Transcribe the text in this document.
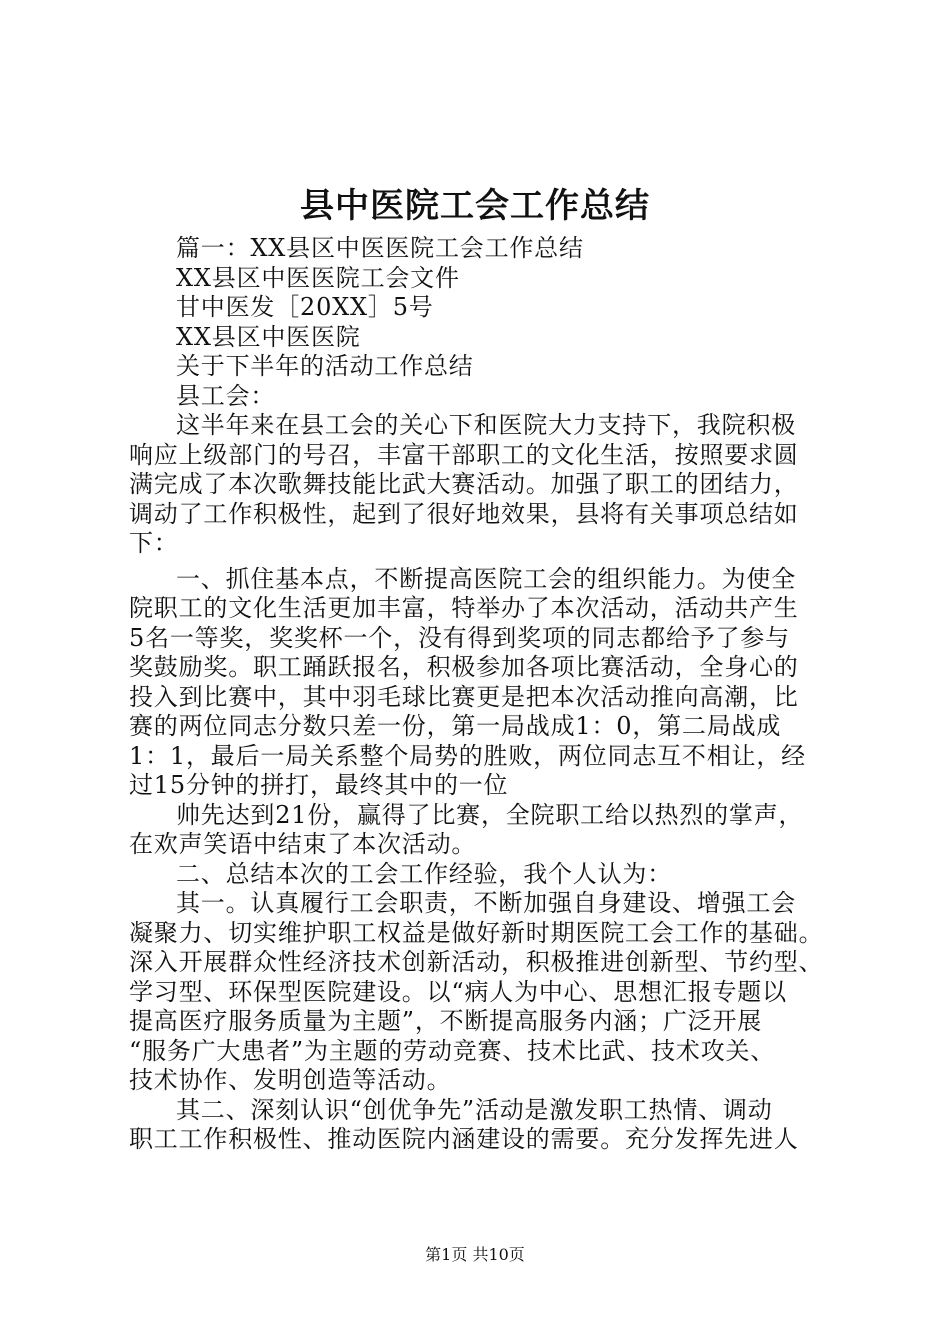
县中医院工会工作总结

篇一：XX县区中医医院工会工作总结

XX县区中医医院工会文件

甘中医发［20XX］5号

XX县区中医医院

关于下半年的活动工作总结

县工会：

这半年来在县工会的关心下和医院大力支持下，我院积极

响应上级部门的号召，丰富干部职工的文化生活，按照要求圆

满完成了本次歌舞技能比武大赛活动。加强了职工的团结力，

调动了工作积极性，起到了很好地效果，县将有关事项总结如

下：

一、抓住基本点，不断提高医院工会的组织能力。为使全

院职工的文化生活更加丰富，特举办了本次活动，活动共产生

5名一等奖，奖奖杯一个，没有得到奖项的同志都给予了参与

奖鼓励奖。职工踊跃报名，积极参加各项比赛活动，全身心的

投入到比赛中，其中羽毛球比赛更是把本次活动推向高潮，比

赛的两位同志分数只差一份，第一局战成1：0，第二局战成

1：1，最后一局关系整个局势的胜败，两位同志互不相让，经

过15分钟的拼打，最终其中的一位

帅先达到21份，赢得了比赛，全院职工给以热烈的掌声，

在欢声笑语中结束了本次活动。

二、总结本次的工会工作经验，我个人认为：

其一。认真履行工会职责，不断加强自身建设、增强工会

凝聚力、切实维护职工权益是做好新时期医院工会工作的基础。

深入开展群众性经济技术创新活动，积极推进创新型、节约型、

学习型、环保型医院建设。以“病人为中心、思想汇报专题以

提高医疗服务质量为主题”，不断提高服务内涵；广泛开展

“服务广大患者”为主题的劳动竞赛、技术比武、技术攻关、

技术协作、发明创造等活动。

其二、深刻认识“创优争先”活动是激发职工热情、调动

职工工作积极性、推动医院内涵建设的需要。充分发挥先进人

第1页 共10页
